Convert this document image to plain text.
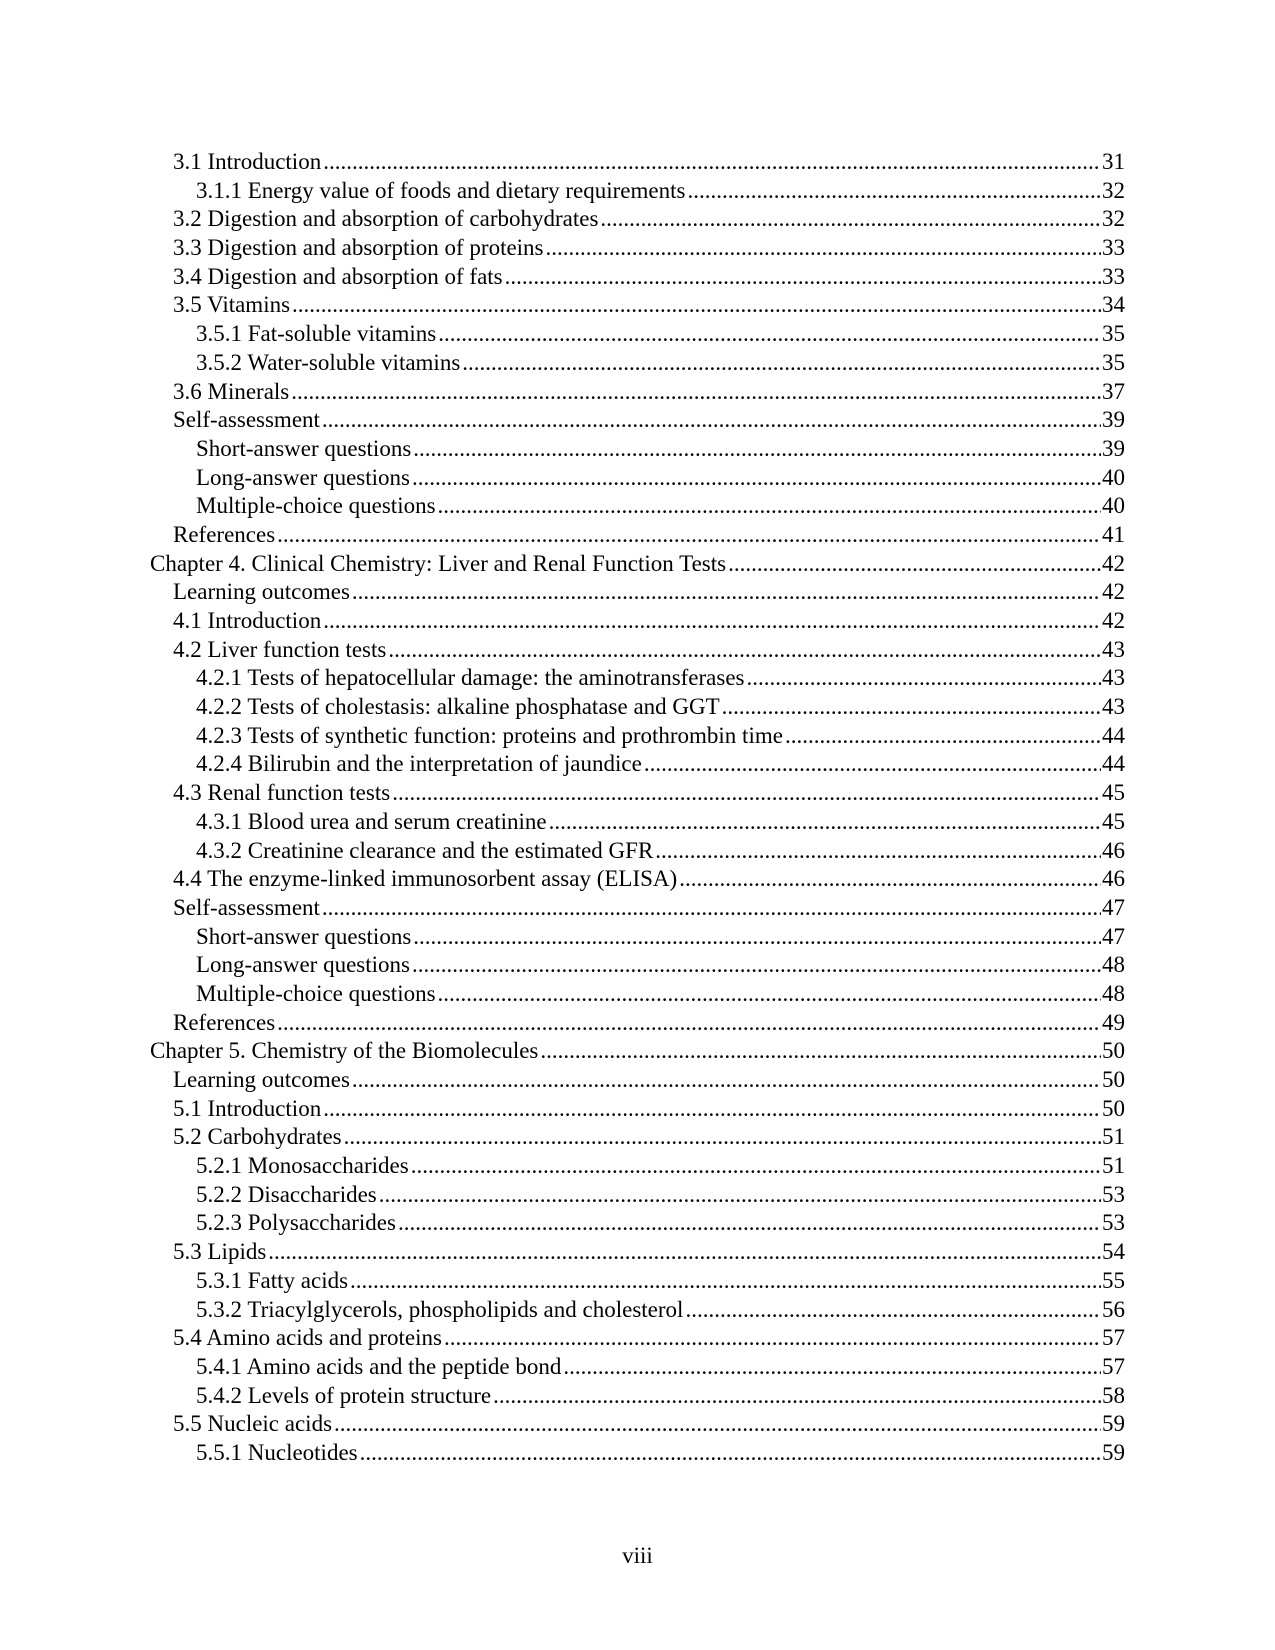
3.1 Introduction .....	31
3.1.1 Energy value of foods and dietary requirements .....	32
3.2 Digestion and absorption of carbohydrates .....	32
3.3 Digestion and absorption of proteins .....	33
3.4 Digestion and absorption of fats .....	33
3.5 Vitamins .....	34
3.5.1 Fat-soluble vitamins .....	35
3.5.2 Water-soluble vitamins .....	35
3.6 Minerals .....	37
Self-assessment .....	39
Short-answer questions .....	39
Long-answer questions .....	40
Multiple-choice questions .....	40
References .....	41
Chapter 4. Clinical Chemistry: Liver and Renal Function Tests .....	42
Learning outcomes .....	42
4.1 Introduction .....	42
4.2 Liver function tests .....	43
4.2.1 Tests of hepatocellular damage: the aminotransferases .....	43
4.2.2 Tests of cholestasis: alkaline phosphatase and GGT .....	43
4.2.3 Tests of synthetic function: proteins and prothrombin time .....	44
4.2.4 Bilirubin and the interpretation of jaundice .....	44
4.3 Renal function tests .....	45
4.3.1 Blood urea and serum creatinine .....	45
4.3.2 Creatinine clearance and the estimated GFR .....	46
4.4 The enzyme-linked immunosorbent assay (ELISA) .....	46
Self-assessment .....	47
Short-answer questions .....	47
Long-answer questions .....	48
Multiple-choice questions .....	48
References .....	49
Chapter 5. Chemistry of the Biomolecules .....	50
Learning outcomes .....	50
5.1 Introduction .....	50
5.2 Carbohydrates .....	51
5.2.1 Monosaccharides .....	51
5.2.2 Disaccharides .....	53
5.2.3 Polysaccharides .....	53
5.3 Lipids .....	54
5.3.1 Fatty acids .....	55
5.3.2 Triacylglycerols, phospholipids and cholesterol .....	56
5.4 Amino acids and proteins .....	57
5.4.1 Amino acids and the peptide bond .....	57
5.4.2 Levels of protein structure .....	58
5.5 Nucleic acids .....	59
5.5.1 Nucleotides .....	59
viii
